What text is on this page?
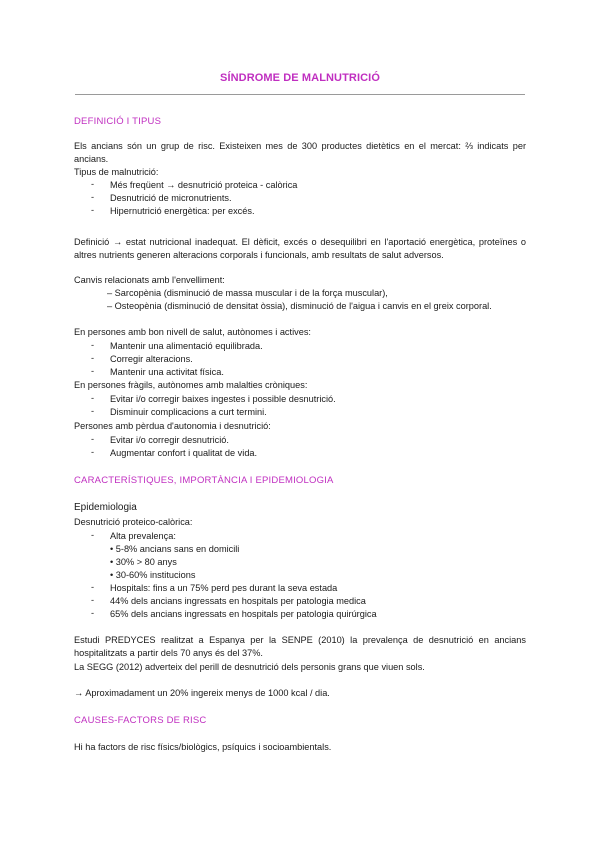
SÍNDROME DE MALNUTRICIÓ
DEFINICIÓ I TIPUS
Els ancians són un grup de risc. Existeixen mes de 300 productes dietètics en el mercat: ⅔ indicats per ancians.
Tipus de malnutrició:
- Més freqüent → desnutrició proteica - calòrica
- Desnutrició de micronutrients.
- Hipernutrició energètica: per excés.
Definició → estat nutricional inadequat. El dèficit, excés o desequilibri en l'aportació energètica, proteïnes o altres nutrients generen alteracions corporals i funcionals, amb resultats de salut adversos.
Canvis relacionats amb l'envelliment:
– Sarcopènia (disminució de massa muscular i de la força muscular),
– Osteopènia (disminució de densitat òssia), disminució de l'aigua i canvis en el greix corporal.
En persones amb bon nivell de salut, autònomes i actives:
- Mantenir una alimentació equilibrada.
- Corregir alteracions.
- Mantenir una activitat física.
En persones fràgils, autònomes amb malalties cròniques:
- Evitar i/o corregir baixes ingestes i possible desnutrició.
- Disminuir complicacions a curt termini.
Persones amb pèrdua d'autonomia i desnutrició:
- Evitar i/o corregir desnutrició.
- Augmentar confort i qualitat de vida.
CARACTERÍSTIQUES, IMPORTÀNCIA I EPIDEMIOLOGIA
Epidemiologia
Desnutrició proteico-calòrica:
- Alta prevalença:
• 5-8% ancians sans en domicili
• 30% > 80 anys
• 30-60% institucions
- Hospitals: fins a un 75% perd pes durant la seva estada
- 44% dels ancians ingressats en hospitals per patologia medica
- 65% dels ancians ingressats en hospitals per patologia quirúrgica
Estudi PREDYCES realitzat a Espanya per la SENPE (2010) la prevalença de desnutrició en ancians hospitalitzats a partir dels 70 anys és del 37%.
La SEGG (2012) adverteix del perill de desnutrició dels personis grans que viuen sols.
→ Aproximadament un 20% ingereix menys de 1000 kcal / dia.
CAUSES-FACTORS DE RISC
Hi ha factors de risc físics/biològics, psíquics i socioambientals.
